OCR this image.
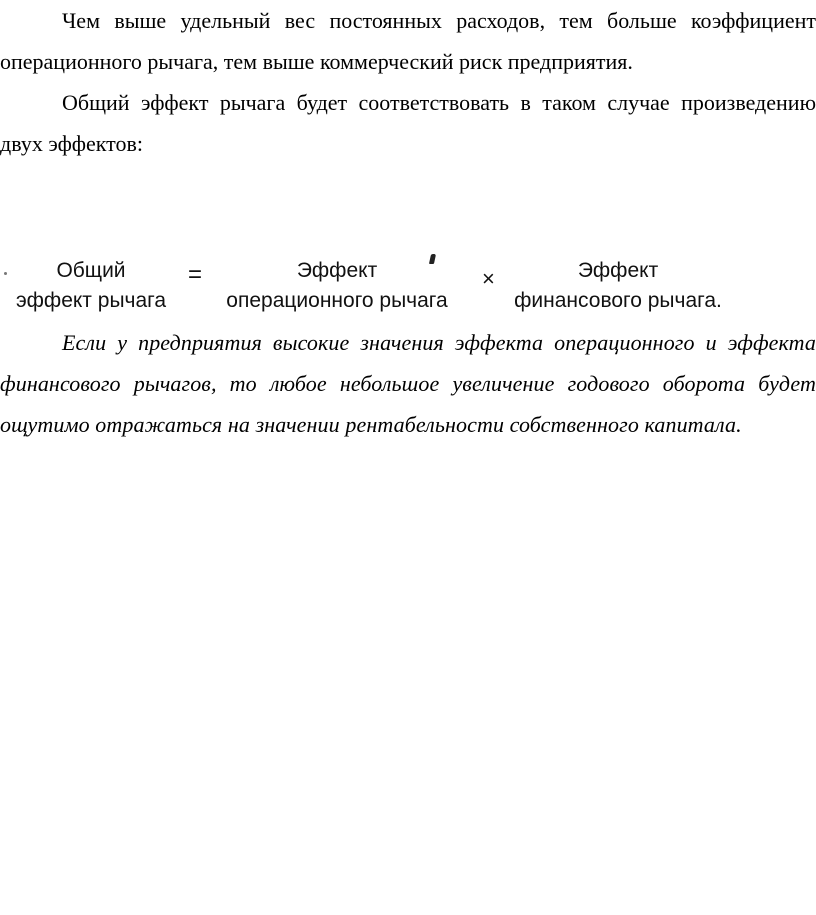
Чем выше удельный вес постоянных расходов, тем больше коэффициент операционного рычага, тем выше коммерческий риск предприятия.

Общий эффект рычага будет соответствовать в таком случае произведению двух эффектов:

Общий
эффект рычага
=	Эффект
операционного рычага
×	Эффект
финансового рычага.

Если у предприятия высокие значения эффекта операционного и эффекта финансового рычагов, то любое небольшое увеличение годового оборота будет ощутимо отражаться на значении рентабельности собственного капитала.
